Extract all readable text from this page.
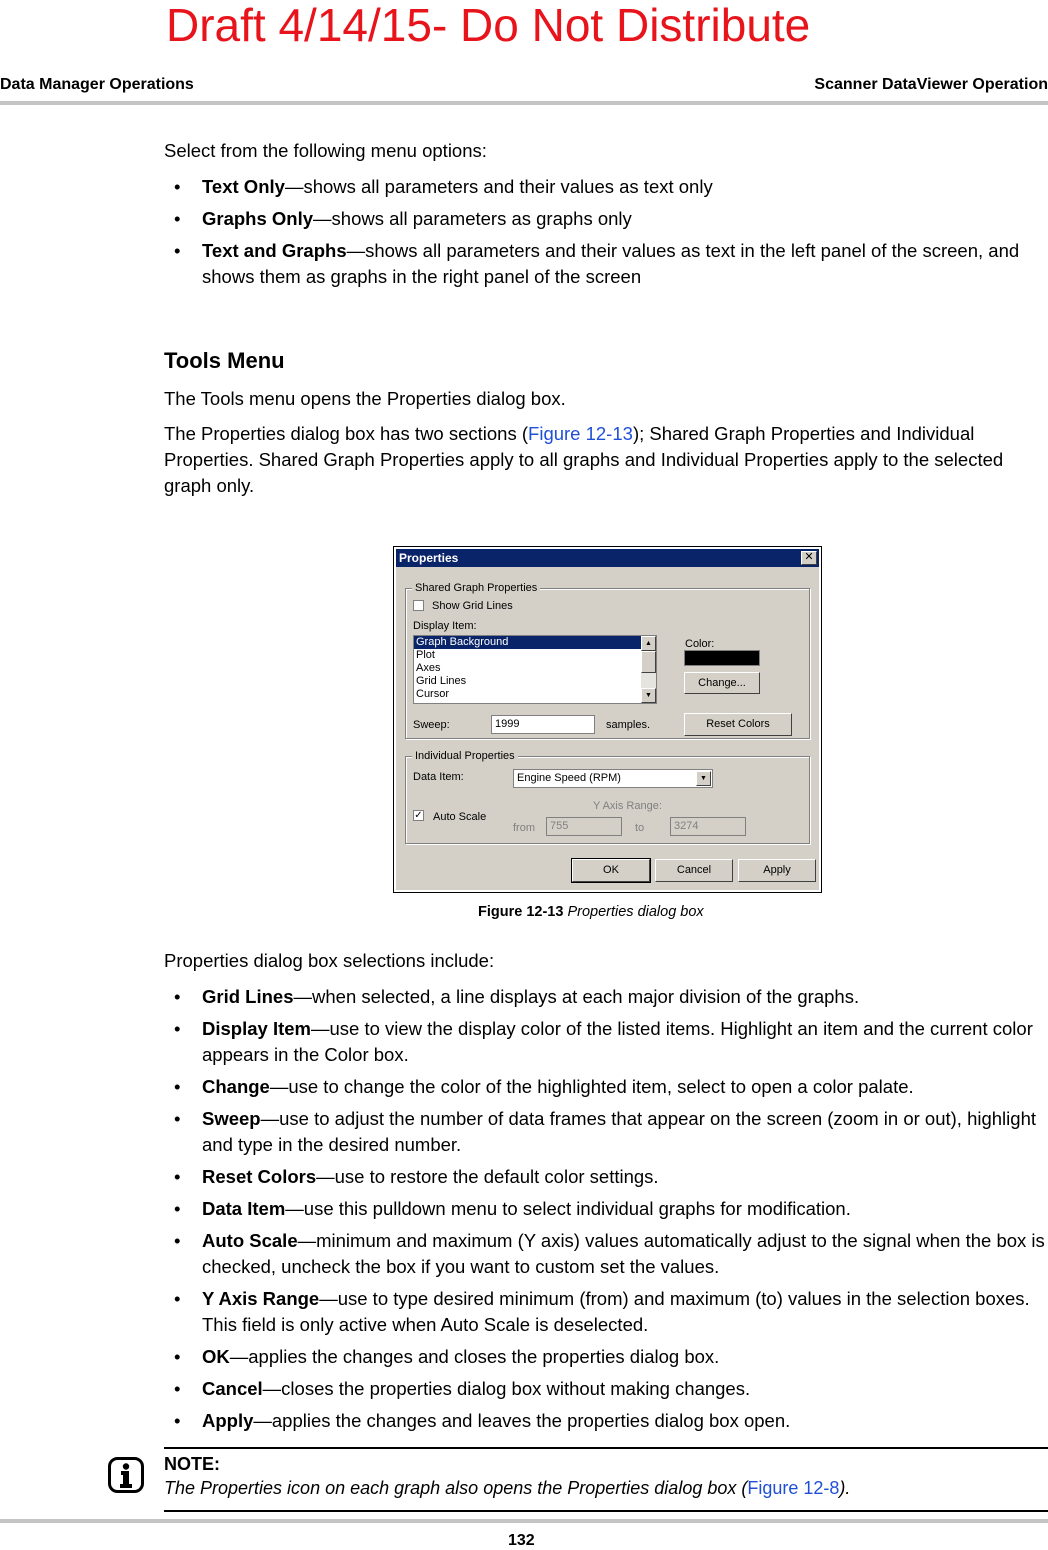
Draft 4/14/15- Do Not Distribute
Data Manager Operations	Scanner DataViewer Operation

Select from the following menu options:

• Text Only—shows all parameters and their values as text only
• Graphs Only—shows all parameters as graphs only
• Text and Graphs—shows all parameters and their values as text in the left panel of the screen, and shows them as graphs in the right panel of the screen
Tools Menu

The Tools menu opens the Properties dialog box.

The Properties dialog box has two sections (Figure 12-13); Shared Graph Properties and Individual Properties. Shared Graph Properties apply to all graphs and Individual Properties apply to the selected graph only.

Properties	✕
Shared Graph Properties
Show Grid Lines
Display Item:
Graph Background
Plot
Axes
Grid Lines
Cursor
▲
▼
Color:
Change...
Sweep:	1999	samples.	Reset Colors
Individual Properties
Data Item:	Engine Speed (RPM)	▼
✓ Auto Scale
Y Axis Range:
from	755	to	3274
OK	Cancel	Apply
Figure 12-13 Properties dialog box

Properties dialog box selections include:

• Grid Lines—when selected, a line displays at each major division of the graphs.
• Display Item—use to view the display color of the listed items. Highlight an item and the current color appears in the Color box.
• Change—use to change the color of the highlighted item, select to open a color palate.
• Sweep—use to adjust the number of data frames that appear on the screen (zoom in or out), highlight and type in the desired number.
• Reset Colors—use to restore the default color settings.
• Data Item—use this pulldown menu to select individual graphs for modification.
• Auto Scale—minimum and maximum (Y axis) values automatically adjust to the signal when the box is checked, uncheck the box if you want to custom set the values.
• Y Axis Range—use to type desired minimum (from) and maximum (to) values in the selection boxes. This field is only active when Auto Scale is deselected.
• OK—applies the changes and closes the properties dialog box.
• Cancel—closes the properties dialog box without making changes.
• Apply—applies the changes and leaves the properties dialog box open.
NOTE:
The Properties icon on each graph also opens the Properties dialog box (Figure 12-8).
132
